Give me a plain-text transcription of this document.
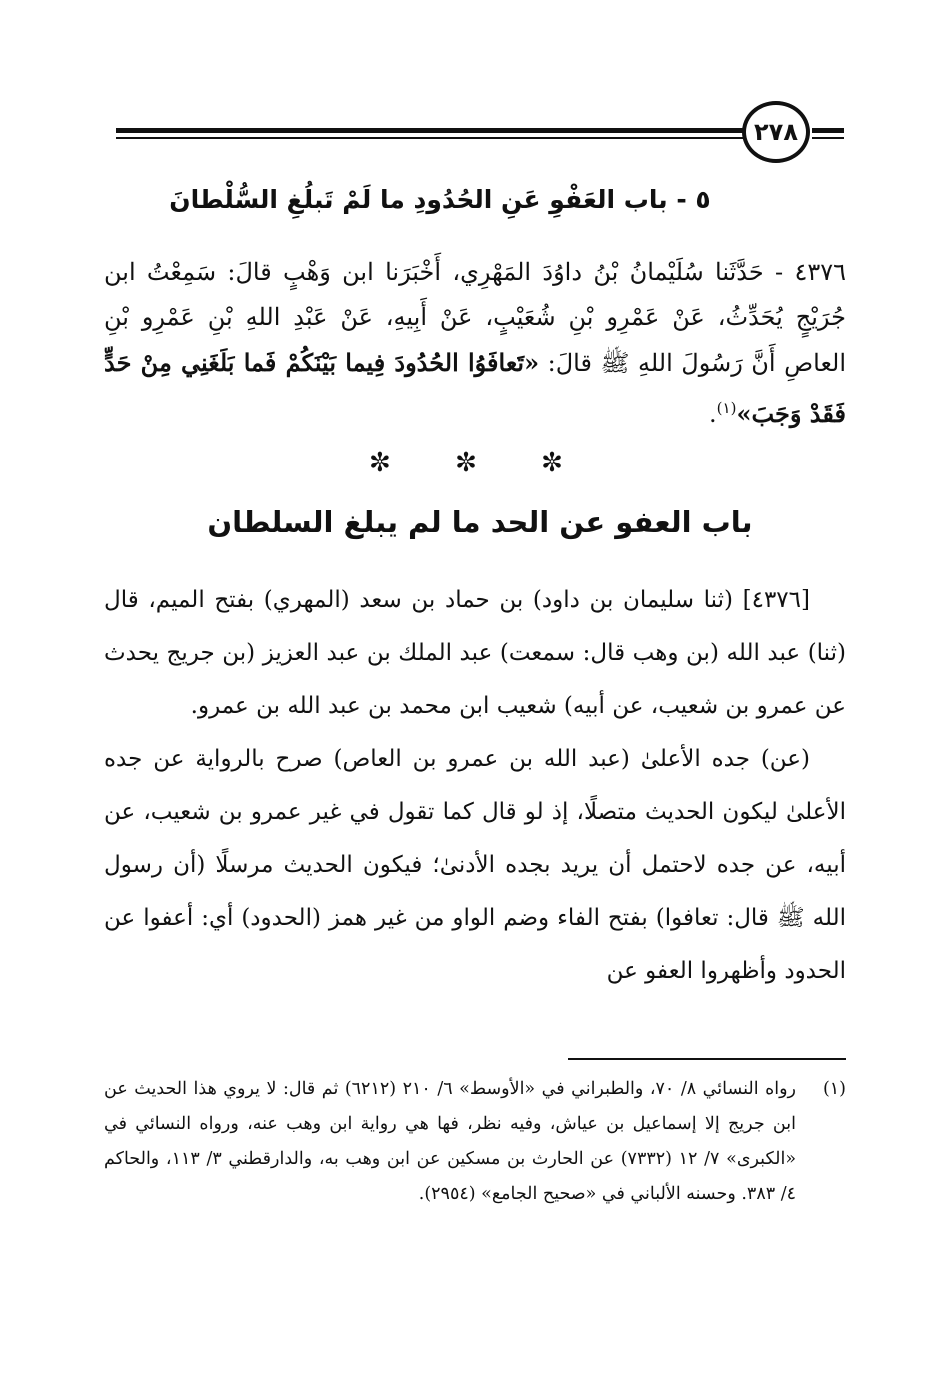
٢٧٨
٥ - باب العَفْوِ عَنِ الحُدُودِ ما لَمْ تَبلُغِ السُّلْطانَ
٤٣٧٦ - حَدَّثَنا سُلَيْمانُ بْنُ داوُدَ المَهْرِي، أَخْبَرَنا ابن وَهْبٍ قالَ: سَمِعْتُ ابن جُرَيْجٍ يُحَدِّثُ، عَنْ عَمْرِو بْنِ شُعَيْبٍ، عَنْ أَبِيهِ، عَنْ عَبْدِ اللهِ بْنِ عَمْرِو بْنِ العاصِ أَنَّ رَسُولَ اللهِ ﷺ قالَ: «تَعافَوُا الحُدُودَ فِيما بَيْنَكُمْ فَما بَلَغَنِي مِنْ حَدٍّ فَقَدْ وَجَبَ»$^{(١)}$.
✼ ✼ ✼
باب العفو عن الحد ما لم يبلغ السلطان

[٤٣٧٦] (ثنا سليمان بن داود) بن حماد بن سعد (المهري) بفتح الميم، قال (ثنا) عبد الله (بن وهب قال: سمعت) عبد الملك بن عبد العزيز (بن جريج يحدث عن عمرو بن شعيب، عن أبيه) شعيب ابن محمد بن عبد الله بن عمرو.

(عن) جده الأعلىٰ (عبد الله بن عمرو بن العاص) صرح بالرواية عن جده الأعلىٰ ليكون الحديث متصلًا، إذ لو قال كما تقول في غير عمرو بن شعيب، عن أبيه، عن جده لاحتمل أن يريد بجده الأدنىٰ؛ فيكون الحديث مرسلًا (أن رسول الله ﷺ قال: تعافوا) بفتح الفاء وضم الواو من غير همز (الحدود) أي: أعفوا عن الحدود وأظهروا العفو عن

(١)
رواه النسائي ٨/ ٧٠، والطبراني في «الأوسط» ٦/ ٢١٠ (٦٢١٢) ثم قال: لا يروي هذا الحديث عن ابن جريج إلا إسماعيل بن عياش، وفيه نظر، فها هي رواية ابن وهب عنه، ورواه النسائي في «الكبرى» ٧/ ١٢ (٧٣٣٢) عن الحارث بن مسكين عن ابن وهب به، والدارقطني ٣/ ١١٣، والحاكم ٤/ ٣٨٣. وحسنه الألباني في «صحيح الجامع» (٢٩٥٤).
